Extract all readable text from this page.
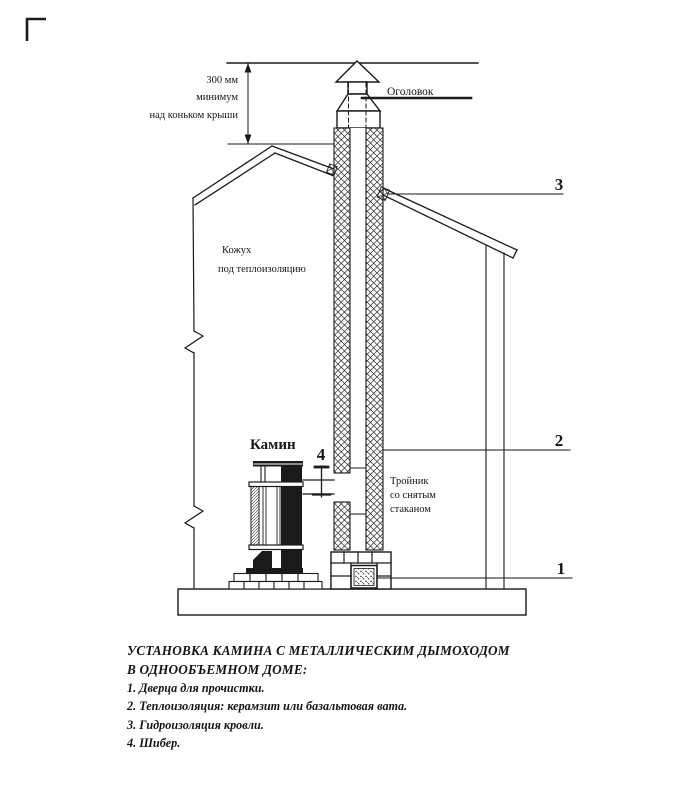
300 мм
минимум
над коньком крыши
Оголовок
Кожух
под теплоизоляцию
Камин
Тройник
со снятым
стаканом
4
3
2
1
УСТАНОВКА КАМИНА С МЕТАЛЛИЧЕСКИМ ДЫМОХОДОМ
В ОДНООБЪЕМНОМ ДОМЕ:
1. Дверца для прочистки.
2. Теплоизоляция: керамзит или базальтовая вата.
3. Гидроизоляция кровли.
4. Шибер.
